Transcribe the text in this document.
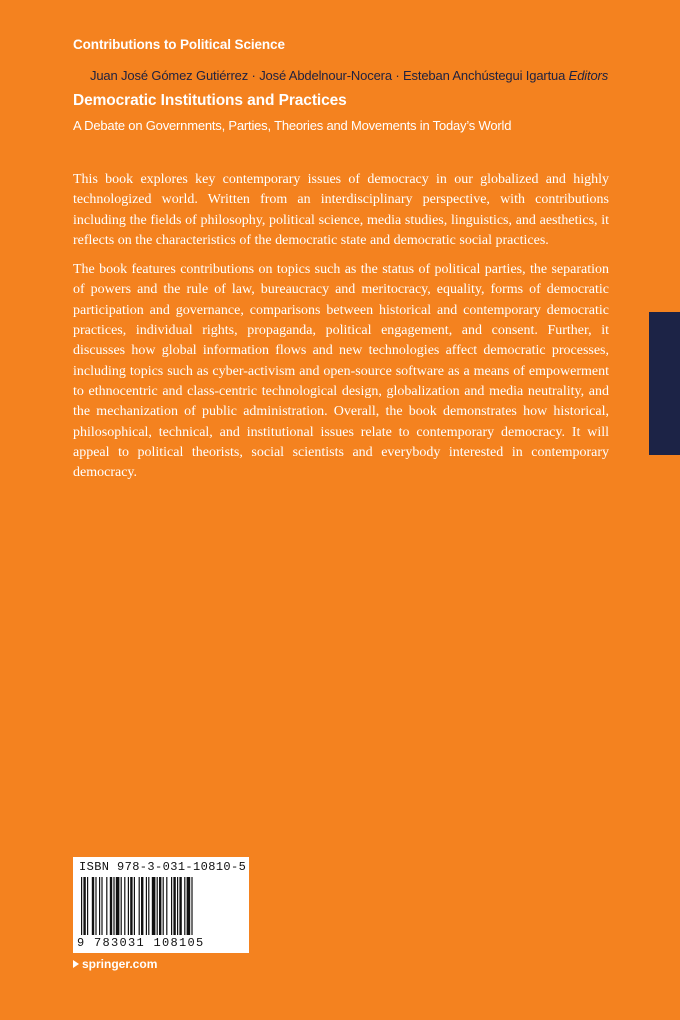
Contributions to Political Science
Juan José Gómez Gutiérrez · José Abdelnour-Nocera · Esteban Anchústegui Igartua Editors
Democratic Institutions and Practices
A Debate on Governments, Parties, Theories and Movements in Today’s World

This book explores key contemporary issues of democracy in our globalized and highly technologized world. Written from an interdisciplinary perspective, with contributions including the fields of philosophy, political science, media studies, linguistics, and aesthetics, it reflects on the characteristics of the democratic state and democratic social practices.

The book features contributions on topics such as the status of political parties, the separation of powers and the rule of law, bureaucracy and meritocracy, equality, forms of democratic participation and governance, comparisons between historical and contemporary democratic practices, individual rights, propaganda, political engagement, and consent. Further, it discusses how global information flows and new technologies affect democratic processes, including topics such as cyber-activism and open-source software as a means of empowerment to ethnocentric and class-centric technological design, globalization and media neutrality, and the mechanization of public administration. Overall, the book demonstrates how historical, philosophical, technical, and institutional issues relate to contemporary democracy. It will appeal to political theorists, social scientists and everybody interested in contemporary democracy.

ISBN 978-3-031-10810-5
9 783031 108105
springer.com
